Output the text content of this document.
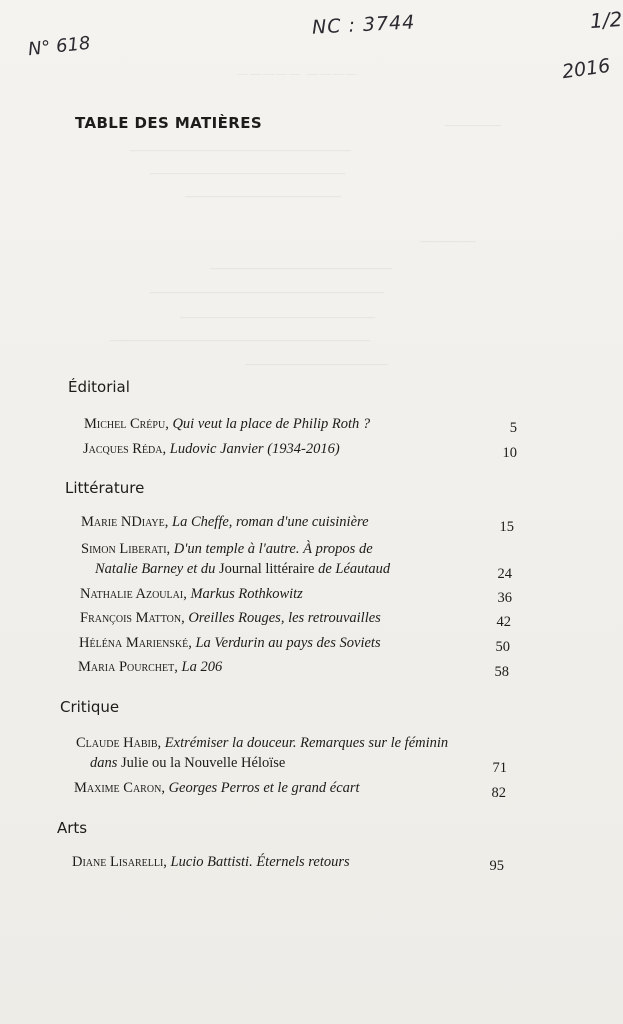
———— —————
————
—————————————————
———————————————
————————————
————
——————————————
——————————————————
———————————————
————————————————————
———————————
N° 618
NC : 3744	1/2
2016
TABLE DES MATIÈRES
Éditorial
Michel Crépu, Qui veut la place de Philip Roth ?	5
Jacques Réda, Ludovic Janvier (1934-2016)	10
Littérature
Marie NDiaye, La Cheffe, roman d'une cuisinière	15
Simon Liberati, D'un temple à l'autre. À propos de
Natalie Barney et du Journal littéraire de Léautaud	24
Nathalie Azoulai, Markus Rothkowitz	36
François Matton, Oreilles Rouges, les retrouvailles	42
Héléna Marienské, La Verdurin au pays des Soviets	50
Maria Pourchet, La 206	58
Critique
Claude Habib, Extrémiser la douceur. Remarques sur le féminin
dans Julie ou la Nouvelle Héloïse	71
Maxime Caron, Georges Perros et le grand écart	82
Arts
Diane Lisarelli, Lucio Battisti. Éternels retours	95
